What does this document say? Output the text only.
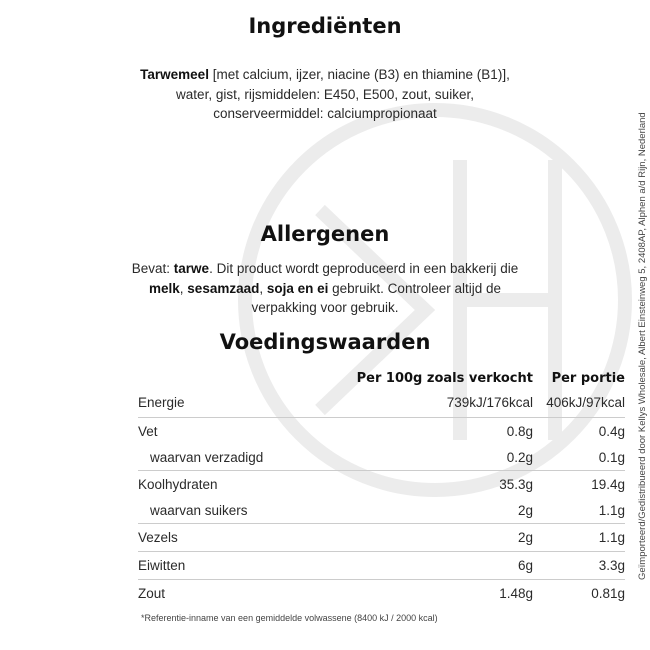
Ingrediënten
Tarwemeel [met calcium, ijzer, niacine (B3) en thiamine (B1)], water, gist, rijsmiddelen: E450, E500, zout, suiker, conserveermiddel: calciumpropionaat
Allergenen
Bevat: tarwe. Dit product wordt geproduceerd in een bakkerij die melk, sesamzaad, soja en ei gebruikt. Controleer altijd de verpakking voor gebruik.
Voedingswaarden
	Per 100g zoals verkocht	Per portie
Energie	739kJ/176kcal	406kJ/97kcal
Vet	0.8g	0.4g
waarvan verzadigd	0.2g	0.1g
Koolhydraten	35.3g	19.4g
waarvan suikers	2g	1.1g
Vezels	2g	1.1g
Eiwitten	6g	3.3g
Zout	1.48g	0.81g
*Referentie-inname van een gemiddelde volwassene (8400 kJ / 2000 kcal)
Geïmporteerd/Gedistribueerd door Kellys Wholesale, Albert Einsteinweg 5, 2408AP, Alphen a/d Rijn, Nederland
